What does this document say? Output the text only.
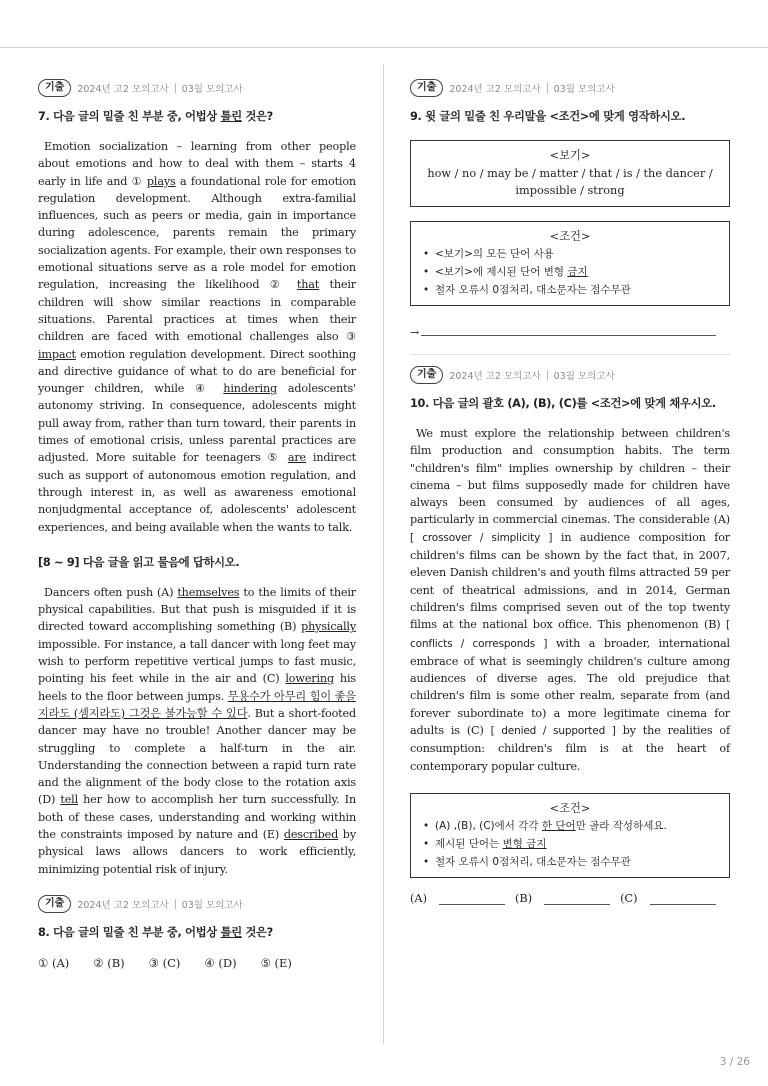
기출	2024년 고2 모의고사 03월 모의고사
7. 다음 글의 밑줄 친 부분 중, 어법상 틀린 것은?

Emotion socialization – learning from other people about emotions and how to deal with them – starts 4 early in life and ① plays a foundational role for emotion regulation development. Although extra-familial influences, such as peers or media, gain in importance during adolescence, parents remain the primary socialization agents. For example, their own responses to emotional situations serve as a role model for emotion regulation, increasing the likelihood ② that their children will show similar reactions in comparable situations. Parental practices at times when their children are faced with emotional challenges also ③ impact emotion regulation development. Direct soothing and directive guidance of what to do are beneficial for younger children, while ④ hindering adolescents' autonomy striving. In consequence, adolescents might pull away from, rather than turn toward, their parents in times of emotional crisis, unless parental practices are adjusted. More suitable for teenagers ⑤ are indirect such as support of autonomous emotion regulation, and through interest in, as well as awareness emotional nonjudgmental acceptance of, adolescents' adolescent experiences, and being available when the wants to talk.

[8 ~ 9] 다음 글을 읽고 물음에 답하시오.

Dancers often push (A) themselves to the limits of their physical capabilities. But that push is misguided if it is directed toward accomplishing something (B) physically impossible. For instance, a tall dancer with long feet may wish to perform repetitive vertical jumps to fast music, pointing his feet while in the air and (C) lowering his heels to the floor between jumps. 무용수가 아무리 힘이 좋을지라도 (셈지라도) 그것은 불가능할 수 있다. But a short-footed dancer may have no trouble! Another dancer may be struggling to complete a half-turn in the air. Understanding the connection between a rapid turn rate and the alignment of the body close to the rotation axis (D) tell her how to accomplish her turn successfully. In both of these cases, understanding and working within the constraints imposed by nature and (E) described by physical laws allows dancers to work efficiently, minimizing potential risk of injury.

기출	2024년 고2 모의고사 03월 모의고사
8. 다음 글의 밑줄 친 부분 중, 어법상 틀린 것은?
① (A) ② (B) ③ (C) ④ (D) ⑤ (E)
기출	2024년 고2 모의고사 03월 모의고사
9. 윗 글의 밑줄 친 우리말을 <조건>에 맞게 영작하시오.
<보기>
how / no / may be / matter / that / is / the dancer / impossible / strong
<조건>
• <보기>의 모든 단어 사용
• <보기>에 제시된 단어 변형 금지
• 철자 오류시 0점처리, 대소문자는 점수무관
→
기출	2024년 고2 모의고사 03월 모의고사
10. 다음 글의 괄호 (A), (B), (C)를 <조건>에 맞게 채우시오.

We must explore the relationship between children's film production and consumption habits. The term "children's film" implies ownership by children – their cinema – but films supposedly made for children have always been consumed by audiences of all ages, particularly in commercial cinemas. The considerable (A) [ crossover / simplicity ] in audience composition for children's films can be shown by the fact that, in 2007, eleven Danish children's and youth films attracted 59 per cent of theatrical admissions, and in 2014, German children's films comprised seven out of the top twenty films at the national box office. This phenomenon (B) [ conflicts / corresponds ] with a broader, international embrace of what is seemingly children's culture among audiences of diverse ages. The old prejudice that children's film is some other realm, separate from (and forever subordinate to) a more legitimate cinema for adults is (C) [ denied / supported ] by the realities of consumption: children's film is at the heart of contemporary popular culture.

<조건>
• (A) ,(B), (C)에서 각각 한 단어만 골라 작성하세요.
• 제시된 단어는 변형 금지
• 철자 오류시 0점처리, 대소문자는 점수무관
(A)	(B)	(C)
3 / 26
